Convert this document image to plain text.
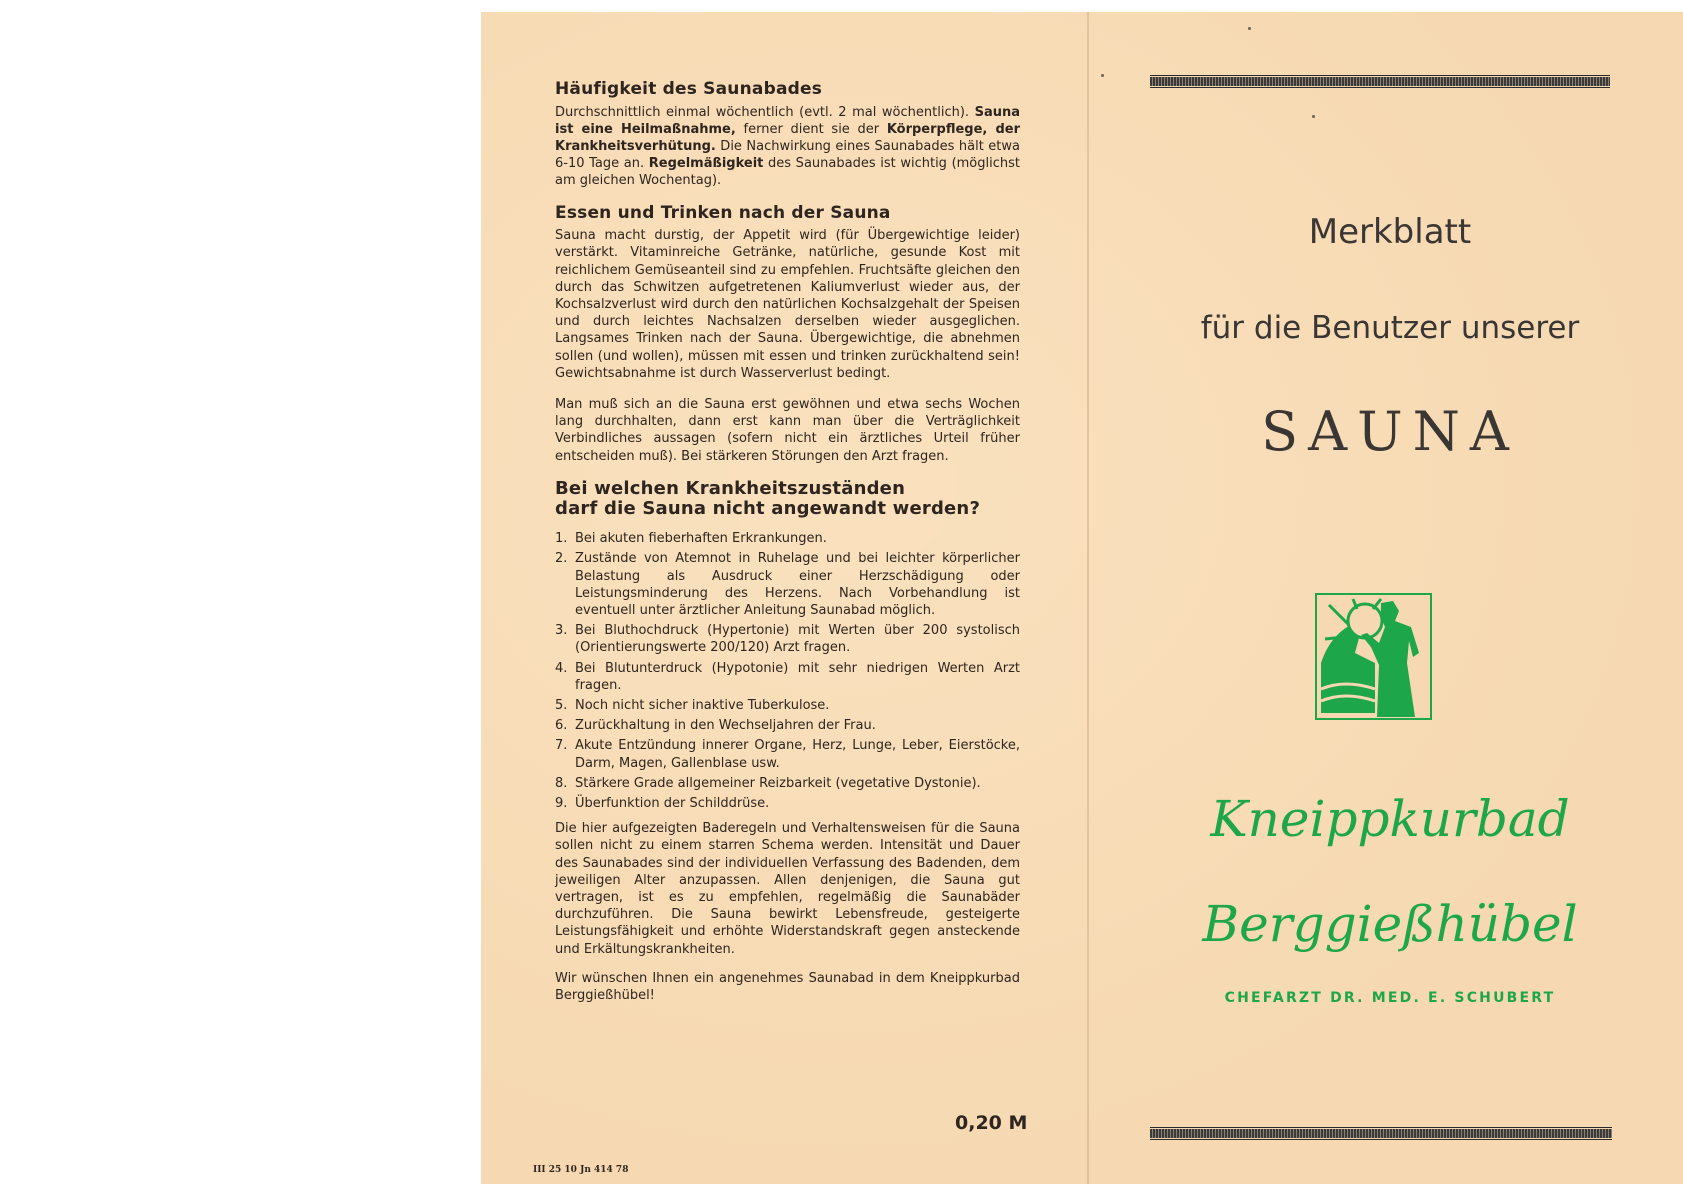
Häufigkeit des Saunabades

Durchschnittlich einmal wöchentlich (evtl. 2 mal wöchentlich). Sauna ist eine Heilmaßnahme, ferner dient sie der Körperpflege, der Krankheitsverhütung. Die Nachwirkung eines Saunabades hält etwa 6-10 Tage an. Regelmäßigkeit des Saunabades ist wichtig (möglichst am gleichen Wochentag).

Essen und Trinken nach der Sauna

Sauna macht durstig, der Appetit wird (für Übergewichtige leider) verstärkt. Vitaminreiche Getränke, natürliche, gesunde Kost mit reichlichem Gemüseanteil sind zu empfehlen. Fruchtsäfte gleichen den durch das Schwitzen aufgetretenen Kaliumverlust wieder aus, der Kochsalzverlust wird durch den natürlichen Kochsalzgehalt der Speisen und durch leichtes Nachsalzen derselben wieder ausgeglichen. Langsames Trinken nach der Sauna. Übergewichtige, die abnehmen sollen (und wollen), müssen mit essen und trinken zurückhaltend sein! Gewichtsabnahme ist durch Wasserverlust bedingt.

Man muß sich an die Sauna erst gewöhnen und etwa sechs Wochen lang durchhalten, dann erst kann man über die Verträglichkeit Verbindliches aussagen (sofern nicht ein ärztliches Urteil früher entscheiden muß). Bei stärkeren Störungen den Arzt fragen.

Bei welchen Krankheitszuständen
darf die Sauna nicht angewandt werden?
1. Bei akuten fieberhaften Erkrankungen.
2. Zustände von Atemnot in Ruhelage und bei leichter körperlicher Belastung als Ausdruck einer Herzschädigung oder Leistungsminderung des Herzens. Nach Vorbehandlung ist eventuell unter ärztlicher Anleitung Saunabad möglich.
3. Bei Bluthochdruck (Hypertonie) mit Werten über 200 systolisch (Orientierungswerte 200/120) Arzt fragen.
4. Bei Blutunterdruck (Hypotonie) mit sehr niedrigen Werten Arzt fragen.
5. Noch nicht sicher inaktive Tuberkulose.
6. Zurückhaltung in den Wechseljahren der Frau.
7. Akute Entzündung innerer Organe, Herz, Lunge, Leber, Eierstöcke, Darm, Magen, Gallenblase usw.
8. Stärkere Grade allgemeiner Reizbarkeit (vegetative Dystonie).
9. Überfunktion der Schilddrüse.

Die hier aufgezeigten Baderegeln und Verhaltensweisen für die Sauna sollen nicht zu einem starren Schema werden. Intensität und Dauer des Saunabades sind der individuellen Verfassung des Badenden, dem jeweiligen Alter anzupassen. Allen denjenigen, die Sauna gut vertragen, ist es zu empfehlen, regelmäßig die Saunabäder durchzuführen. Die Sauna bewirkt Lebensfreude, gesteigerte Leistungsfähigkeit und erhöhte Widerstandskraft gegen ansteckende und Erkältungskrankheiten.

Wir wünschen Ihnen ein angenehmes Saunabad in dem Kneippkurbad Berggießhübel!

0,20 M
III 25 10 Jn 414 78
Merkblatt
für die Benutzer unserer
SAUNA
Kneippkurbad
Berggießhübel
CHEFARZT DR. MED. E. SCHUBERT
